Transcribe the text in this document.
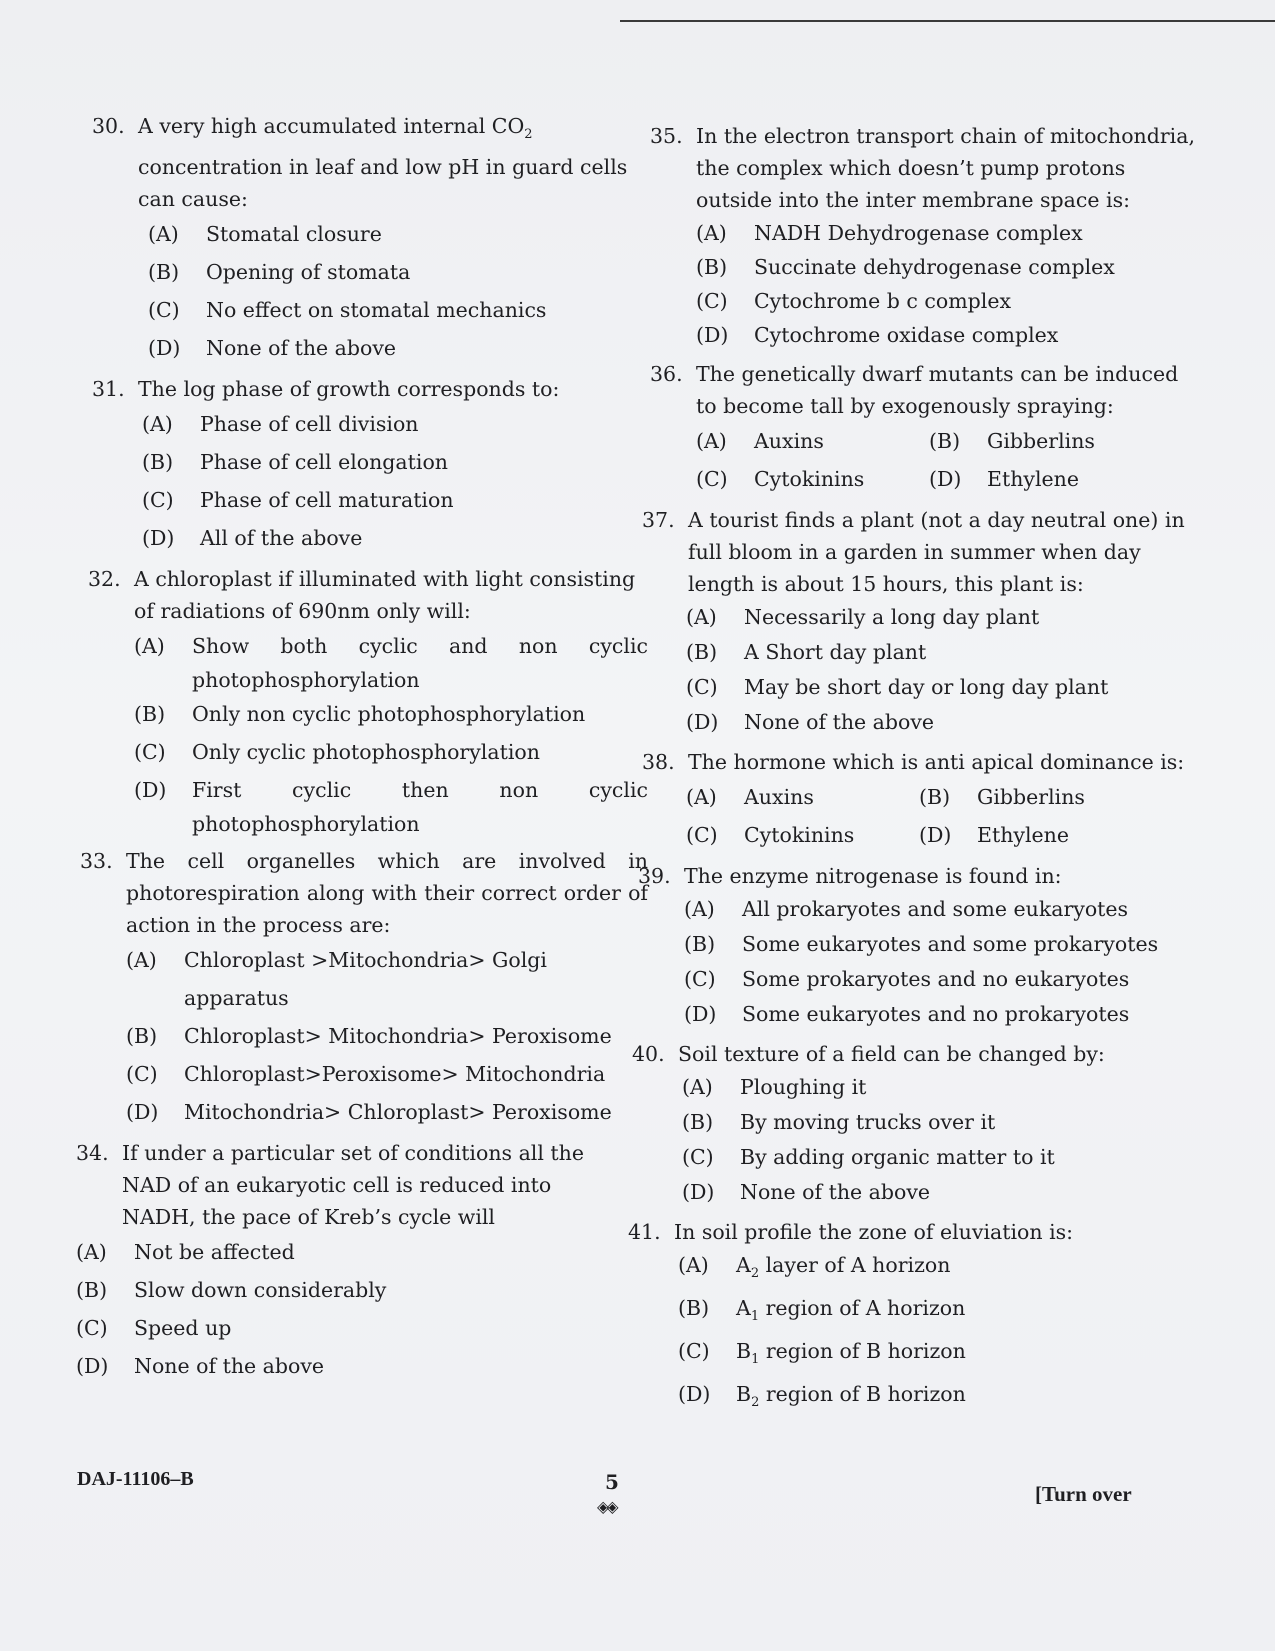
30. A very high accumulated internal $CO_2$ concentration in leaf and low pH in guard cells can cause:
(A)	Stomatal closure
(B)	Opening of stomata
(C)	No effect on stomatal mechanics
(D)	None of the above
31. The log phase of growth corresponds to:
(A)	Phase of cell division
(B)	Phase of cell elongation
(C)	Phase of cell maturation
(D)	All of the above
32. A chloroplast if illuminated with light consisting of radiations of 690nm only will:
(A)	Show both cyclic and non cyclic
photophosphorylation
(B)	Only non cyclic photophosphorylation
(C)	Only cyclic photophosphorylation
(D)	First cyclic then non cyclic
photophosphorylation
33. The cell organelles which are involved in photorespiration along with their correct order of action in the process are:
(A)	Chloroplast >Mitochondria> Golgi apparatus
(B)	Chloroplast> Mitochondria> Peroxisome
(C)	Chloroplast>Peroxisome> Mitochondria
(D)	Mitochondria> Chloroplast> Peroxisome
34. If under a particular set of conditions all the NAD of an eukaryotic cell is reduced into NADH, the pace of Kreb’s cycle will
(A)	Not be affected
(B)	Slow down considerably
(C)	Speed up
(D)	None of the above
35. In the electron transport chain of mitochondria, the complex which doesn’t pump protons outside into the inter membrane space is:
(A)	NADH Dehydrogenase complex
(B)	Succinate dehydrogenase complex
(C)	Cytochrome b c complex
(D)	Cytochrome oxidase complex
36. The genetically dwarf mutants can be induced to become tall by exogenously spraying:
(A)	Auxins	(B)	Gibberlins
(C)	Cytokinins	(D)	Ethylene
37. A tourist finds a plant (not a day neutral one) in full bloom in a garden in summer when day length is about 15 hours, this plant is:
(A)	Necessarily a long day plant
(B)	A Short day plant
(C)	May be short day or long day plant
(D)	None of the above
38. The hormone which is anti apical dominance is:
(A)	Auxins	(B)	Gibberlins
(C)	Cytokinins	(D)	Ethylene
39. The enzyme nitrogenase is found in:
(A)	All prokaryotes and some eukaryotes
(B)	Some eukaryotes and some prokaryotes
(C)	Some prokaryotes and no eukaryotes
(D)	Some eukaryotes and no prokaryotes
40. Soil texture of a field can be changed by:
(A)	Ploughing it
(B)	By moving trucks over it
(C)	By adding organic matter to it
(D)	None of the above
41. In soil profile the zone of eluviation is:
(A)	$A_2$ layer of A horizon
(B)	$A_1$ region of A horizon
(C)	$B_1$ region of B horizon
(D)	$B_2$ region of B horizon
DAJ-11106–B	5
◈◈
[Turn over
